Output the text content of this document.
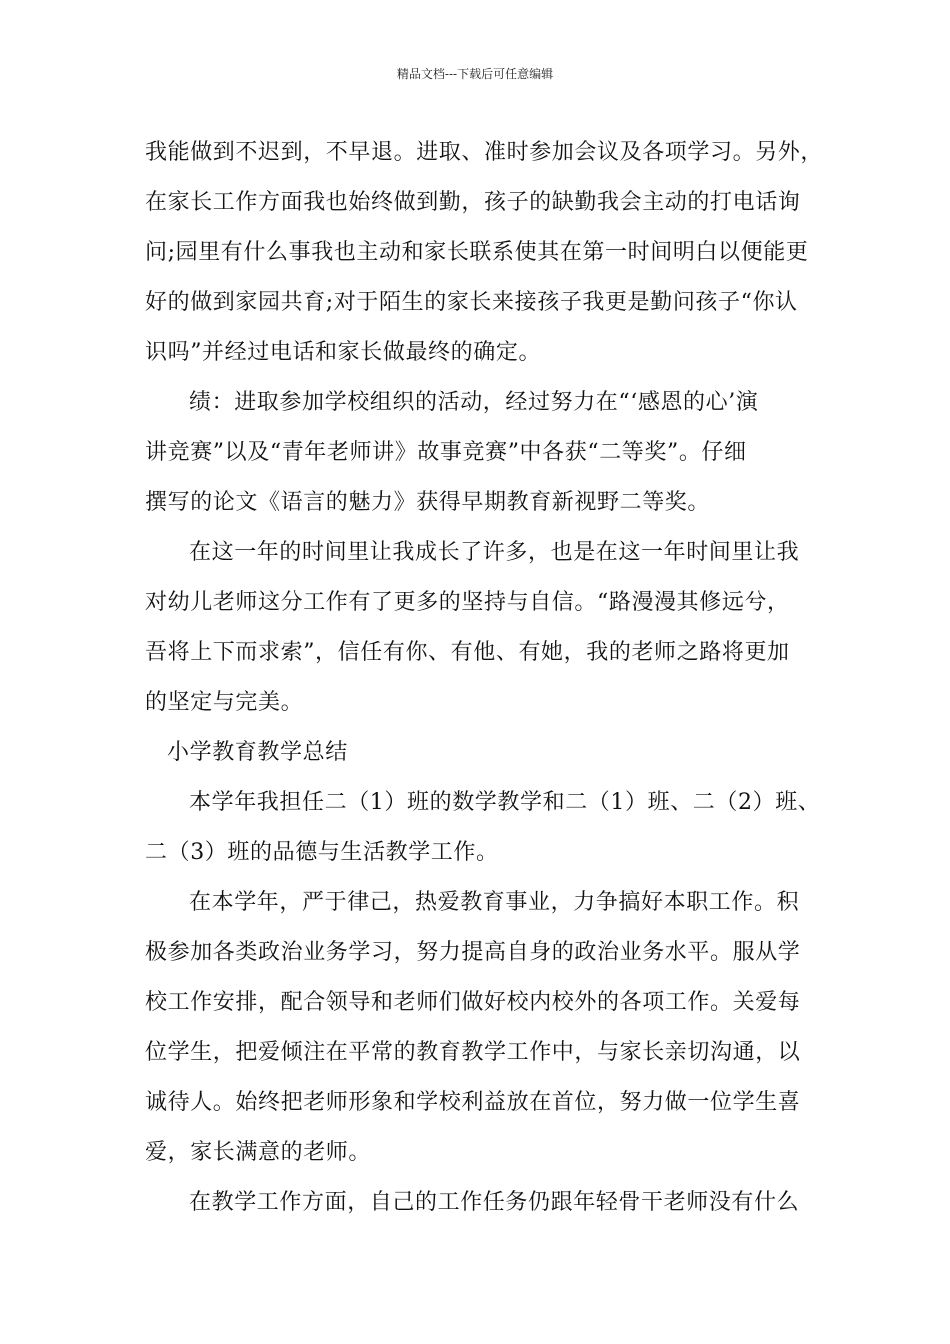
精品文档---下载后可任意编辑
我能做到不迟到，不早退。进取、准时参加会议及各项学习。另外，
在家长工作方面我也始终做到勤，孩子的缺勤我会主动的打电话询
问;园里有什么事我也主动和家长联系使其在第一时间明白以便能更
好的做到家园共育;对于陌生的家长来接孩子我更是勤问孩子“你认
识吗”并经过电话和家长做最终的确定。
绩：进取参加学校组织的活动，经过努力在“‘感恩的心’演
讲竞赛”以及“青年老师讲》故事竞赛”中各获“二等奖”。仔细
撰写的论文《语言的魅力》获得早期教育新视野二等奖。
在这一年的时间里让我成长了许多，也是在这一年时间里让我
对幼儿老师这分工作有了更多的坚持与自信。“路漫漫其修远兮，
吾将上下而求索”，信任有你、有他、有她，我的老师之路将更加
的坚定与完美。
小学教育教学总结
本学年我担任二（1）班的数学教学和二（1）班、二（2）班、
二（3）班的品德与生活教学工作。
在本学年，严于律己，热爱教育事业，力争搞好本职工作。积
极参加各类政治业务学习，努力提高自身的政治业务水平。服从学
校工作安排，配合领导和老师们做好校内校外的各项工作。关爱每
位学生，把爱倾注在平常的教育教学工作中，与家长亲切沟通，以
诚待人。始终把老师形象和学校利益放在首位，努力做一位学生喜
爱，家长满意的老师。
在教学工作方面，自己的工作任务仍跟年轻骨干老师没有什么
